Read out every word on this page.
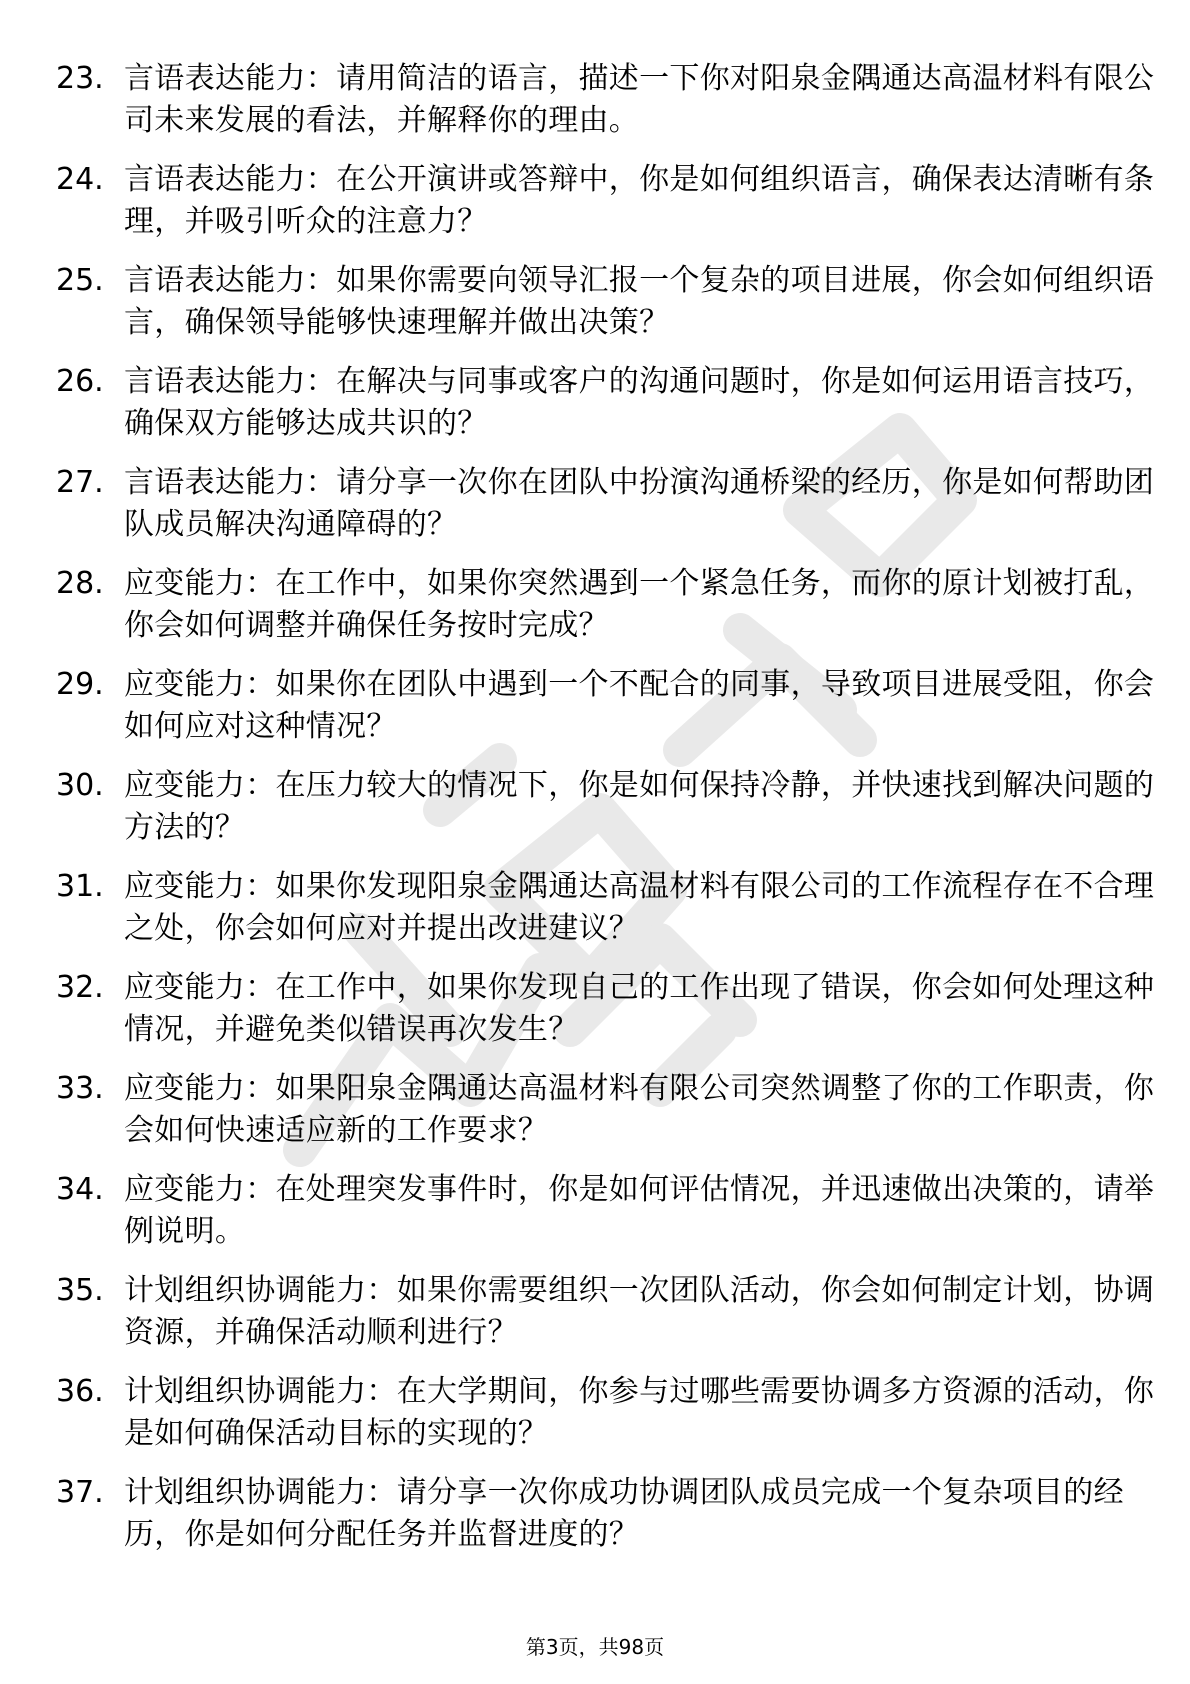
23. 言语表达能力：请用简洁的语言，描述一下你对阳泉金隅通达高温材料有限公司未来发展的看法，并解释你的理由。
24. 言语表达能力：在公开演讲或答辩中，你是如何组织语言，确保表达清晰有条理，并吸引听众的注意力？
25. 言语表达能力：如果你需要向领导汇报一个复杂的项目进展，你会如何组织语言，确保领导能够快速理解并做出决策？
26. 言语表达能力：在解决与同事或客户的沟通问题时，你是如何运用语言技巧，确保双方能够达成共识的？
27. 言语表达能力：请分享一次你在团队中扮演沟通桥梁的经历，你是如何帮助团队成员解决沟通障碍的？
28. 应变能力：在工作中，如果你突然遇到一个紧急任务，而你的原计划被打乱，你会如何调整并确保任务按时完成？
29. 应变能力：如果你在团队中遇到一个不配合的同事，导致项目进展受阻，你会如何应对这种情况？
30. 应变能力：在压力较大的情况下，你是如何保持冷静，并快速找到解决问题的方法的？
31. 应变能力：如果你发现阳泉金隅通达高温材料有限公司的工作流程存在不合理之处，你会如何应对并提出改进建议？
32. 应变能力：在工作中，如果你发现自己的工作出现了错误，你会如何处理这种情况，并避免类似错误再次发生？
33. 应变能力：如果阳泉金隅通达高温材料有限公司突然调整了你的工作职责，你会如何快速适应新的工作要求？
34. 应变能力：在处理突发事件时，你是如何评估情况，并迅速做出决策的，请举例说明。
35. 计划组织协调能力：如果你需要组织一次团队活动，你会如何制定计划，协调资源，并确保活动顺利进行？
36. 计划组织协调能力：在大学期间，你参与过哪些需要协调多方资源的活动，你是如何确保活动目标的实现的？
37. 计划组织协调能力：请分享一次你成功协调团队成员完成一个复杂项目的经历，你是如何分配任务并监督进度的？
第3页，共98页
